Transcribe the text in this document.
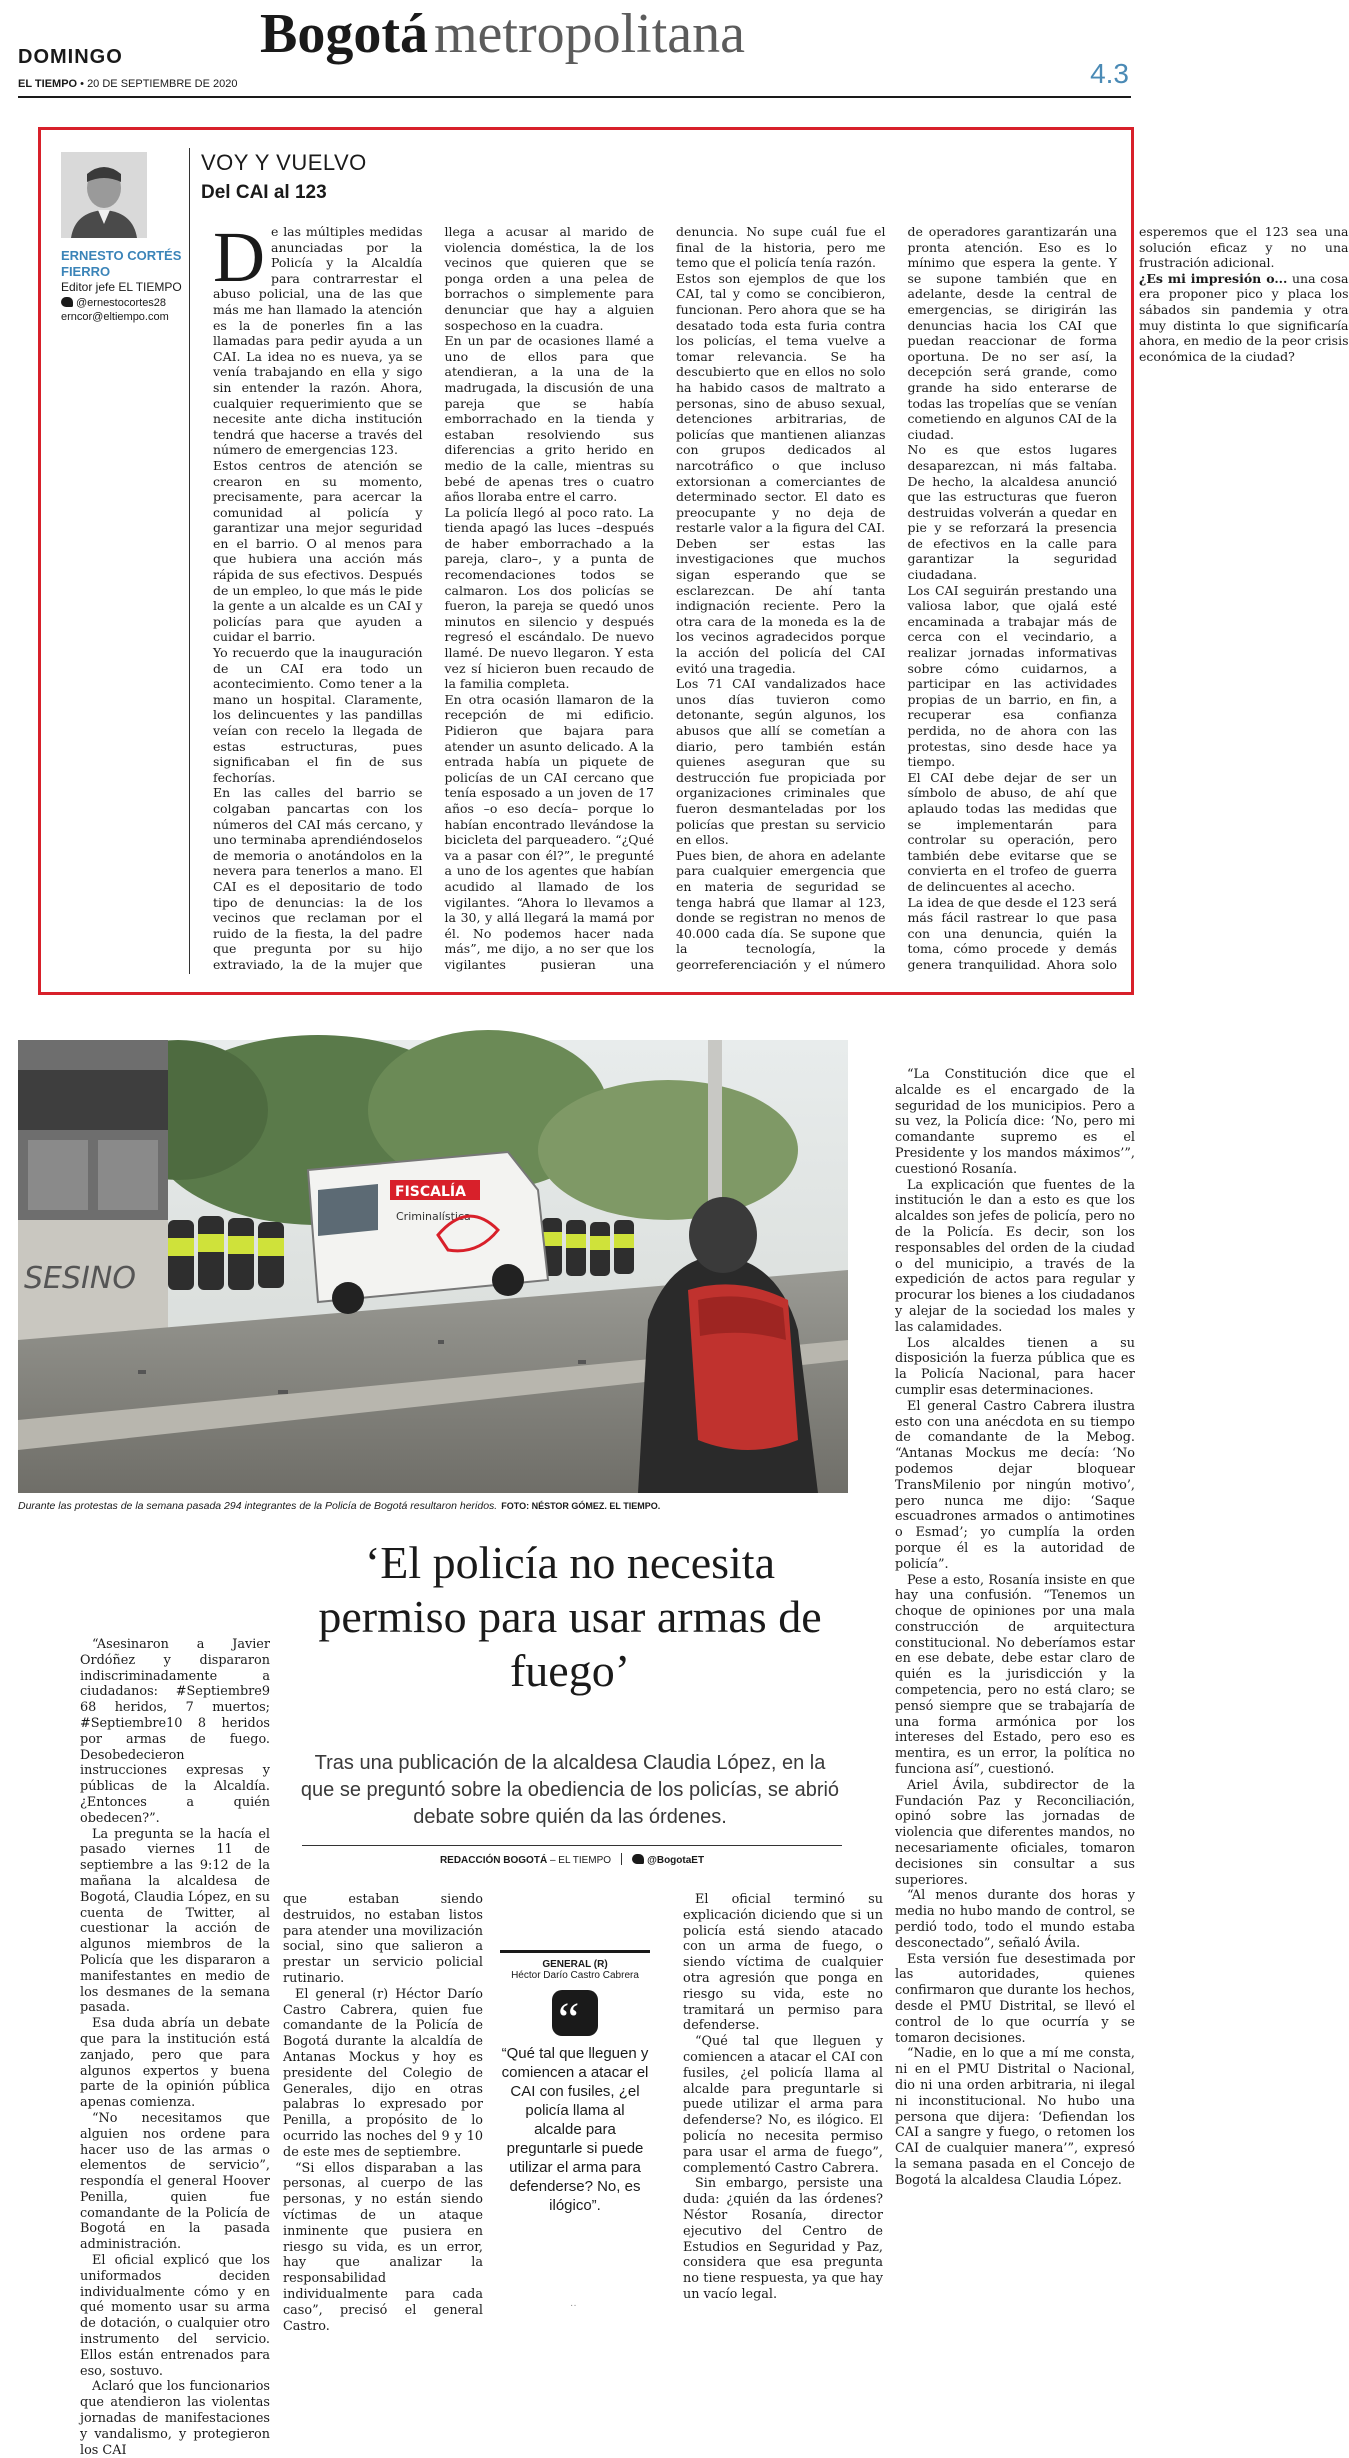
DOMINGO
EL TIEMPO • 20 DE SEPTIEMBRE DE 2020
Bogotá metropolitana
4.3
ERNESTO CORTÉS FIERRO
Editor jefe EL TIEMPO
@ernestocortes28
erncor@eltiempo.com
VOY Y VUELVO
Del CAI al 123

De las múltiples medidas anunciadas por la Policía y la Alcaldía para contrarrestar el abuso policial, una de las que más me han llamado la atención es la de ponerles fin a las llamadas para pedir ayuda a un CAI. La idea no es nueva, ya se venía trabajando en ella y sigo sin entender la razón. Ahora, cualquier requerimiento que se necesite ante dicha institución tendrá que hacerse a través del número de emergencias 123.

Estos centros de atención se crearon en su momento, precisamente, para acercar la comunidad al policía y garantizar una mejor seguridad en el barrio. O al menos para que hubiera una acción más rápida de sus efectivos. Después de un empleo, lo que más le pide la gente a un alcalde es un CAI y policías para que ayuden a cuidar el barrio.

Yo recuerdo que la inauguración de un CAI era todo un acontecimiento. Como tener a la mano un hospital. Claramente, los delincuentes y las pandillas veían con recelo la llegada de estas estructuras, pues significaban el fin de sus fechorías.

En las calles del barrio se colgaban pancartas con los números del CAI más cercano, y uno terminaba aprendiéndoselos de memoria o anotándolos en la nevera para tenerlos a mano. El CAI es el depositario de todo tipo de denuncias: la de los vecinos que reclaman por el ruido de la fiesta, la del padre que pregunta por su hijo extraviado, la de la mujer que llega a acusar al marido de violencia doméstica, la de los vecinos que quieren que se ponga orden a una pelea de borrachos o simplemente para denunciar que hay a alguien sospechoso en la cuadra.

En un par de ocasiones llamé a uno de ellos para que atendieran, a la una de la madrugada, la discusión de una pareja que se había emborrachado en la tienda y estaban resolviendo sus diferencias a grito herido en medio de la calle, mientras su bebé de apenas tres o cuatro años lloraba entre el carro.

La policía llegó al poco rato. La tienda apagó las luces –después de haber emborrachado a la pareja, claro–, y a punta de recomendaciones todos se calmaron. Los dos policías se fueron, la pareja se quedó unos minutos en silencio y después regresó el escándalo. De nuevo llamé. De nuevo llegaron. Y esta vez sí hicieron buen recaudo de la familia completa.

En otra ocasión llamaron de la recepción de mi edificio. Pidieron que bajara para atender un asunto delicado. A la entrada había un piquete de policías de un CAI cercano que tenía esposado a un joven de 17 años –o eso decía– porque lo habían encontrado llevándose la bicicleta del parqueadero. “¿Qué va a pasar con él?”, le pregunté a uno de los agentes que habían acudido al llamado de los vigilantes. “Ahora lo llevamos a la 30, y allá llegará la mamá por él. No podemos hacer nada más”, me dijo, a no ser que los vigilantes pusieran una denuncia. No supe cuál fue el final de la historia, pero me temo que el policía tenía razón.

Estos son ejemplos de que los CAI, tal y como se concibieron, funcionan. Pero ahora que se ha desatado toda esta furia contra los policías, el tema vuelve a tomar relevancia. Se ha descubierto que en ellos no solo ha habido casos de maltrato a personas, sino de abuso sexual, detenciones arbitrarias, de policías que mantienen alianzas con grupos dedicados al narcotráfico o que incluso extorsionan a comerciantes de determinado sector. El dato es preocupante y no deja de restarle valor a la figura del CAI.

Deben ser estas las investigaciones que muchos sigan esperando que se esclarezcan. De ahí tanta indignación reciente. Pero la otra cara de la moneda es la de los vecinos agradecidos porque la acción del policía del CAI evitó una tragedia.

Los 71 CAI vandalizados hace unos días tuvieron como detonante, según algunos, los abusos que allí se cometían a diario, pero también están quienes aseguran que su destrucción fue propiciada por organizaciones criminales que fueron desmanteladas por los policías que prestan su servicio en ellos.

Pues bien, de ahora en adelante para cualquier emergencia que en materia de seguridad se tenga habrá que llamar al 123, donde se registran no menos de 40.000 cada día. Se supone que la tecnología, la georreferenciación y el número de operadores garantizarán una pronta atención. Eso es lo mínimo que espera la gente. Y se supone también que en adelante, desde la central de emergencias, se dirigirán las denuncias hacia los CAI que puedan reaccionar de forma oportuna. De no ser así, la decepción será grande, como grande ha sido enterarse de todas las tropelías que se venían cometiendo en algunos CAI de la ciudad.

No es que estos lugares desaparezcan, ni más faltaba. De hecho, la alcaldesa anunció que las estructuras que fueron destruidas volverán a quedar en pie y se reforzará la presencia de efectivos en la calle para garantizar la seguridad ciudadana.

Los CAI seguirán prestando una valiosa labor, que ojalá esté encaminada a trabajar más de cerca con el vecindario, a realizar jornadas informativas sobre cómo cuidarnos, a participar en las actividades propias de un barrio, en fin, a recuperar esa confianza perdida, no de ahora con las protestas, sino desde hace ya tiempo.

El CAI debe dejar de ser un símbolo de abuso, de ahí que aplaudo todas las medidas que se implementarán para controlar su operación, pero también debe evitarse que se convierta en el trofeo de guerra de delincuentes al acecho.

La idea de que desde el 123 será más fácil rastrear lo que pasa con una denuncia, quién la toma, cómo procede y demás genera tranquilidad. Ahora solo esperemos que el 123 sea una solución eficaz y no una frustración adicional.

¿Es mi impresión o... una cosa era proponer pico y placa los sábados sin pandemia y otra muy distinta lo que significaría ahora, en medio de la peor crisis económica de la ciudad?

SESINO
FISCALÍA
Criminalística
Durante las protestas de la semana pasada 294 integrantes de la Policía de Bogotá resultaron heridos. FOTO: NÉSTOR GÓMEZ. EL TIEMPO.
‘El policía no necesita permiso para usar armas de fuego’
Tras una publicación de la alcaldesa Claudia López, en la que se preguntó sobre la obediencia de los policías, se abrió debate sobre quién da las órdenes.
REDACCIÓN BOGOTÁ – EL TIEMPO	@BogotaET

“Asesinaron a Javier Ordóñez y dispararon indiscriminadamente a ciudadanos: #Septiembre9 68 heridos, 7 muertos; #Septiembre10 8 heridos por armas de fuego. Desobedecieron instrucciones expresas y públicas de la Alcaldía. ¿Entonces a quién obedecen?”.

La pregunta se la hacía el pasado viernes 11 de septiembre a las 9:12 de la mañana la alcaldesa de Bogotá, Claudia López, en su cuenta de Twitter, al cuestionar la acción de algunos miembros de la Policía que les dispararon a manifestantes en medio de los desmanes de la semana pasada.

Esa duda abría un debate que para la institución está zanjado, pero que para algunos expertos y buena parte de la opinión pública apenas comienza.

“No necesitamos que alguien nos ordene para hacer uso de las armas o elementos de servicio”, respondía el general Hoover Penilla, quien fue comandante de la Policía de Bogotá en la pasada administración.

El oficial explicó que los uniformados deciden individualmente cómo y en qué momento usar su arma de dotación, o cualquier otro instrumento del servicio. Ellos están entrenados para eso, sostuvo.

Aclaró que los funcionarios que atendieron las violentas jornadas de manifestaciones y vandalismo, y protegieron los CAI

que estaban siendo destruidos, no estaban listos para atender una movilización social, sino que salieron a prestar un servicio policial rutinario.

El general (r) Héctor Darío Castro Cabrera, quien fue comandante de la Policía de Bogotá durante la alcaldía de Antanas Mockus y hoy es presidente del Colegio de Generales, dijo en otras palabras lo expresado por Penilla, a propósito de lo ocurrido las noches del 9 y 10 de este mes de septiembre.

“Si ellos disparaban a las personas, al cuerpo de las personas, y no están siendo víctimas de un ataque inminente que pusiera en riesgo su vida, es un error, hay que analizar la responsabilidad individualmente para cada caso”, precisó el general Castro.

GENERAL (R)
Héctor Darío Castro Cabrera
“
“Qué tal que lleguen y comiencen a atacar el CAI con fusiles, ¿el policía llama al alcalde para preguntarle si puede utilizar el arma para defenderse? No, es ilógico”.

El oficial terminó su explicación diciendo que si un policía está siendo atacado con un arma de fuego, o siendo víctima de cualquier otra agresión que ponga en riesgo su vida, este no tramitará un permiso para defenderse.

“Qué tal que lleguen y comiencen a atacar el CAI con fusiles, ¿el policía llama al alcalde para preguntarle si puede utilizar el arma para defenderse? No, es ilógico. El policía no necesita permiso para usar el arma de fuego”, complementó Castro Cabrera.

Sin embargo, persiste una duda: ¿quién da las órdenes? Néstor Rosanía, director ejecutivo del Centro de Estudios en Seguridad y Paz, considera que esa pregunta no tiene respuesta, ya que hay un vacío legal.

“La Constitución dice que el alcalde es el encargado de la seguridad de los municipios. Pero a su vez, la Policía dice: ‘No, pero mi comandante supremo es el Presidente y los mandos máximos’”, cuestionó Rosanía.

La explicación que fuentes de la institución le dan a esto es que los alcaldes son jefes de policía, pero no de la Policía. Es decir, son los responsables del orden de la ciudad o del municipio, a través de la expedición de actos para regular y procurar los bienes a los ciudadanos y alejar de la sociedad los males y las calamidades.

Los alcaldes tienen a su disposición la fuerza pública que es la Policía Nacional, para hacer cumplir esas determinaciones.

El general Castro Cabrera ilustra esto con una anécdota en su tiempo de comandante de la Mebog. “Antanas Mockus me decía: ‘No podemos dejar bloquear TransMilenio por ningún motivo’, pero nunca me dijo: ‘Saque escuadrones armados o antimotines o Esmad’; yo cumplía la orden porque él es la autoridad de policía”.

Pese a esto, Rosanía insiste en que hay una confusión. “Tenemos un choque de opiniones por una mala construcción de arquitectura constitucional. No deberíamos estar en ese debate, debe estar claro de quién es la jurisdicción y la competencia, pero no está claro; se pensó siempre que se trabajaría de una forma armónica por los intereses del Estado, pero eso es mentira, es un error, la política no funciona así”, cuestionó.

Ariel Ávila, subdirector de la Fundación Paz y Reconciliación, opinó sobre las jornadas de violencia que diferentes mandos, no necesariamente oficiales, tomaron decisiones sin consultar a sus superiores.

“Al menos durante dos horas y media no hubo mando de control, se perdió todo, todo el mundo estaba desconectado”, señaló Ávila.

Esta versión fue desestimada por las autoridades, quienes confirmaron que durante los hechos, desde el PMU Distrital, se llevó el control de lo que ocurría y se tomaron decisiones.

“Nadie, en lo que a mí me consta, ni en el PMU Distrital o Nacional, dio ni una orden arbitraria, ni ilegal ni inconstitucional. No hubo una persona que dijera: ‘Defiendan los CAI a sangre y fuego, o retomen los CAI de cualquier manera’”, expresó la semana pasada en el Concejo de Bogotá la alcaldesa Claudia López.

··
